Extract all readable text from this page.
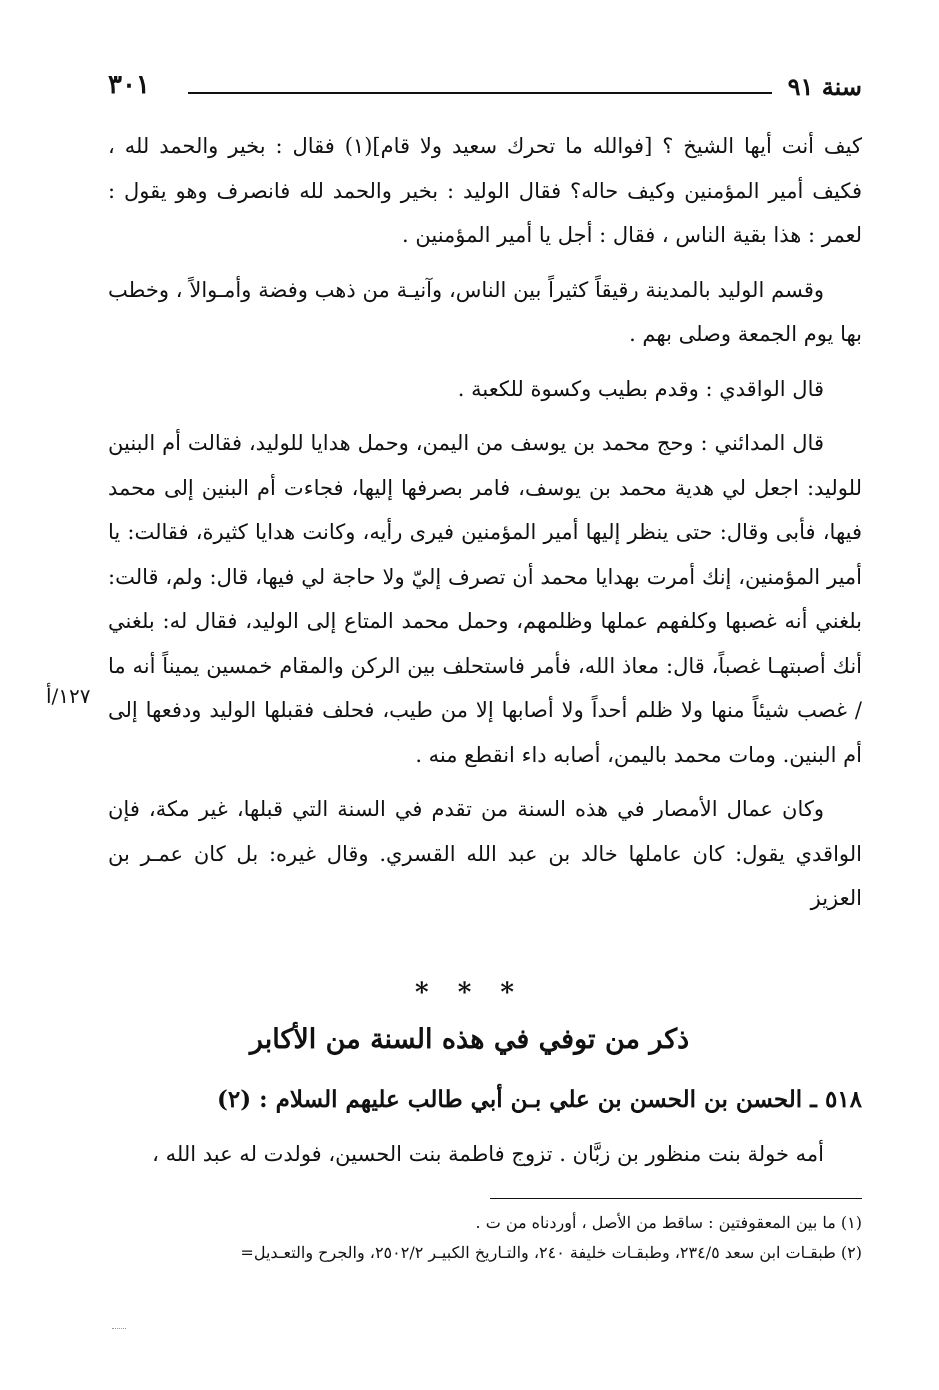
سنة ٩١
٣٠١

كيف أنت أيها الشيخ ؟ [فوالله ما تحرك سعيد ولا قام](١) فقال : بخير والحمد لله ، فكيف أمير المؤمنين وكيف حاله؟ فقال الوليد : بخير والحمد لله فانصرف وهو يقول : لعمر : هذا بقية الناس ، فقال : أجل يا أمير المؤمنين .

وقسم الوليد بالمدينة رقيقاً كثيراً بين الناس، وآنيـة من ذهب وفضة وأمـوالاً ، وخطب بها يوم الجمعة وصلى بهم .

قال الواقدي : وقدم بطيب وكسوة للكعبة .

قال المدائني : وحج محمد بن يوسف من اليمن، وحمل هدايا للوليد، فقالت أم البنين للوليد: اجعل لي هدية محمد بن يوسف، فامر بصرفها إليها، فجاءت أم البنين إلى محمد فيها، فأبى وقال: حتى ينظر إليها أمير المؤمنين فيرى رأيه، وكانت هدايا كثيرة، فقالت: يا أمير المؤمنين، إنك أمرت بهدايا محمد أن تصرف إليّ ولا حاجة لي فيها، قال: ولم، قالت: بلغني أنه غصبها وكلفهم عملها وظلمهم، وحمل محمد المتاع إلى الوليد، فقال له: بلغني أنك أصبتهـا غصباً، قال: معاذ الله، فأمر فاستحلف بين الركن والمقام خمسين يميناً أنه ما / غصب شيئاً منها ولا ظلم أحداً ولا أصابها إلا من طيب، فحلف فقبلها الوليد ودفعها إلى أم البنين. ومات محمد باليمن، أصابه داء انقطع منه .

وكان عمال الأمصار في هذه السنة من تقدم في السنة التي قبلها، غير مكة، فإن الواقدي يقول: كان عاملها خالد بن عبد الله القسري. وقال غيره: بل كان عمـر بن العزيز

١٢٧/أ
* * *
ذكر من توفي في هذه السنة من الأكابر
٥١٨ ـ الحسن بن الحسن بن علي بـن أبي طالب عليهم السلام : (٢)
أمه خولة بنت منظور بن زبَّان . تزوج فاطمة بنت الحسين، فولدت له عبد الله ،
(١) ما بين المعقوفتين : ساقط من الأصل ، أوردناه من ت .
(٢) طبقـات ابن سعد ٢٣٤/٥، وطبقـات خليفة ٢٤٠، والتـاريخ الكبيـر ٢٥٠٢/٢، والجرح والتعـديل=
